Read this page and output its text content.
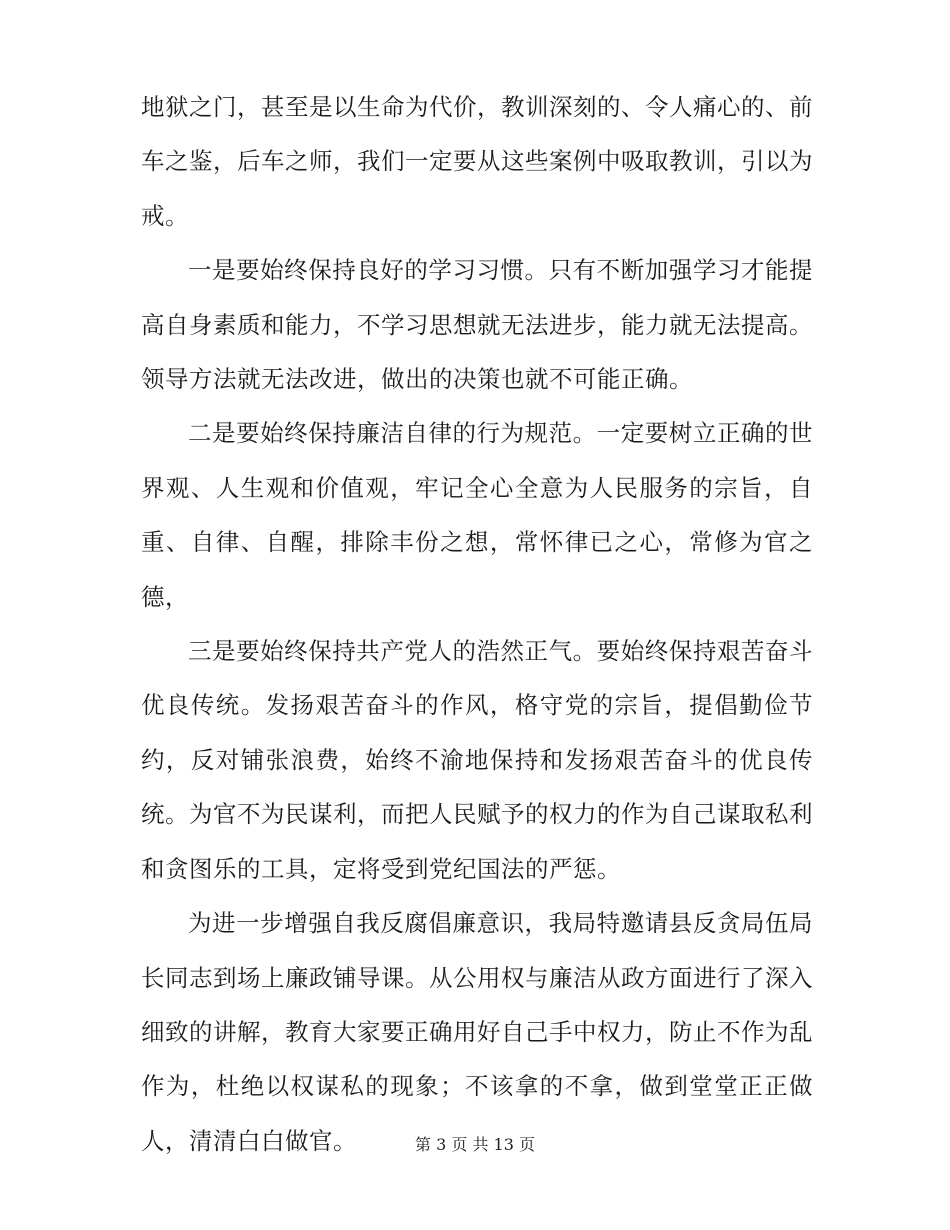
地狱之门，甚至是以生命为代价，教训深刻的、令人痛心的、前车之鉴，后车之师，我们一定要从这些案例中吸取教训，引以为戒。

一是要始终保持良好的学习习惯。只有不断加强学习才能提高自身素质和能力，不学习思想就无法进步，能力就无法提高。领导方法就无法改进，做出的决策也就不可能正确。

二是要始终保持廉洁自律的行为规范。一定要树立正确的世界观、人生观和价值观，牢记全心全意为人民服务的宗旨，自重、自律、自醒，排除丰份之想，常怀律已之心，常修为官之德，

三是要始终保持共产党人的浩然正气。要始终保持艰苦奋斗优良传统。发扬艰苦奋斗的作风，格守党的宗旨，提倡勤俭节约，反对铺张浪费，始终不渝地保持和发扬艰苦奋斗的优良传统。为官不为民谋利，而把人民赋予的权力的作为自己谋取私利和贪图乐的工具，定将受到党纪国法的严惩。

为进一步增强自我反腐倡廉意识，我局特邀请县反贪局伍局长同志到场上廉政铺导课。从公用权与廉洁从政方面进行了深入细致的讲解，教育大家要正确用好自己手中权力，防止不作为乱作为，杜绝以权谋私的现象；不该拿的不拿，做到堂堂正正做人，清清白白做官。	第 3 页 共 13 页
